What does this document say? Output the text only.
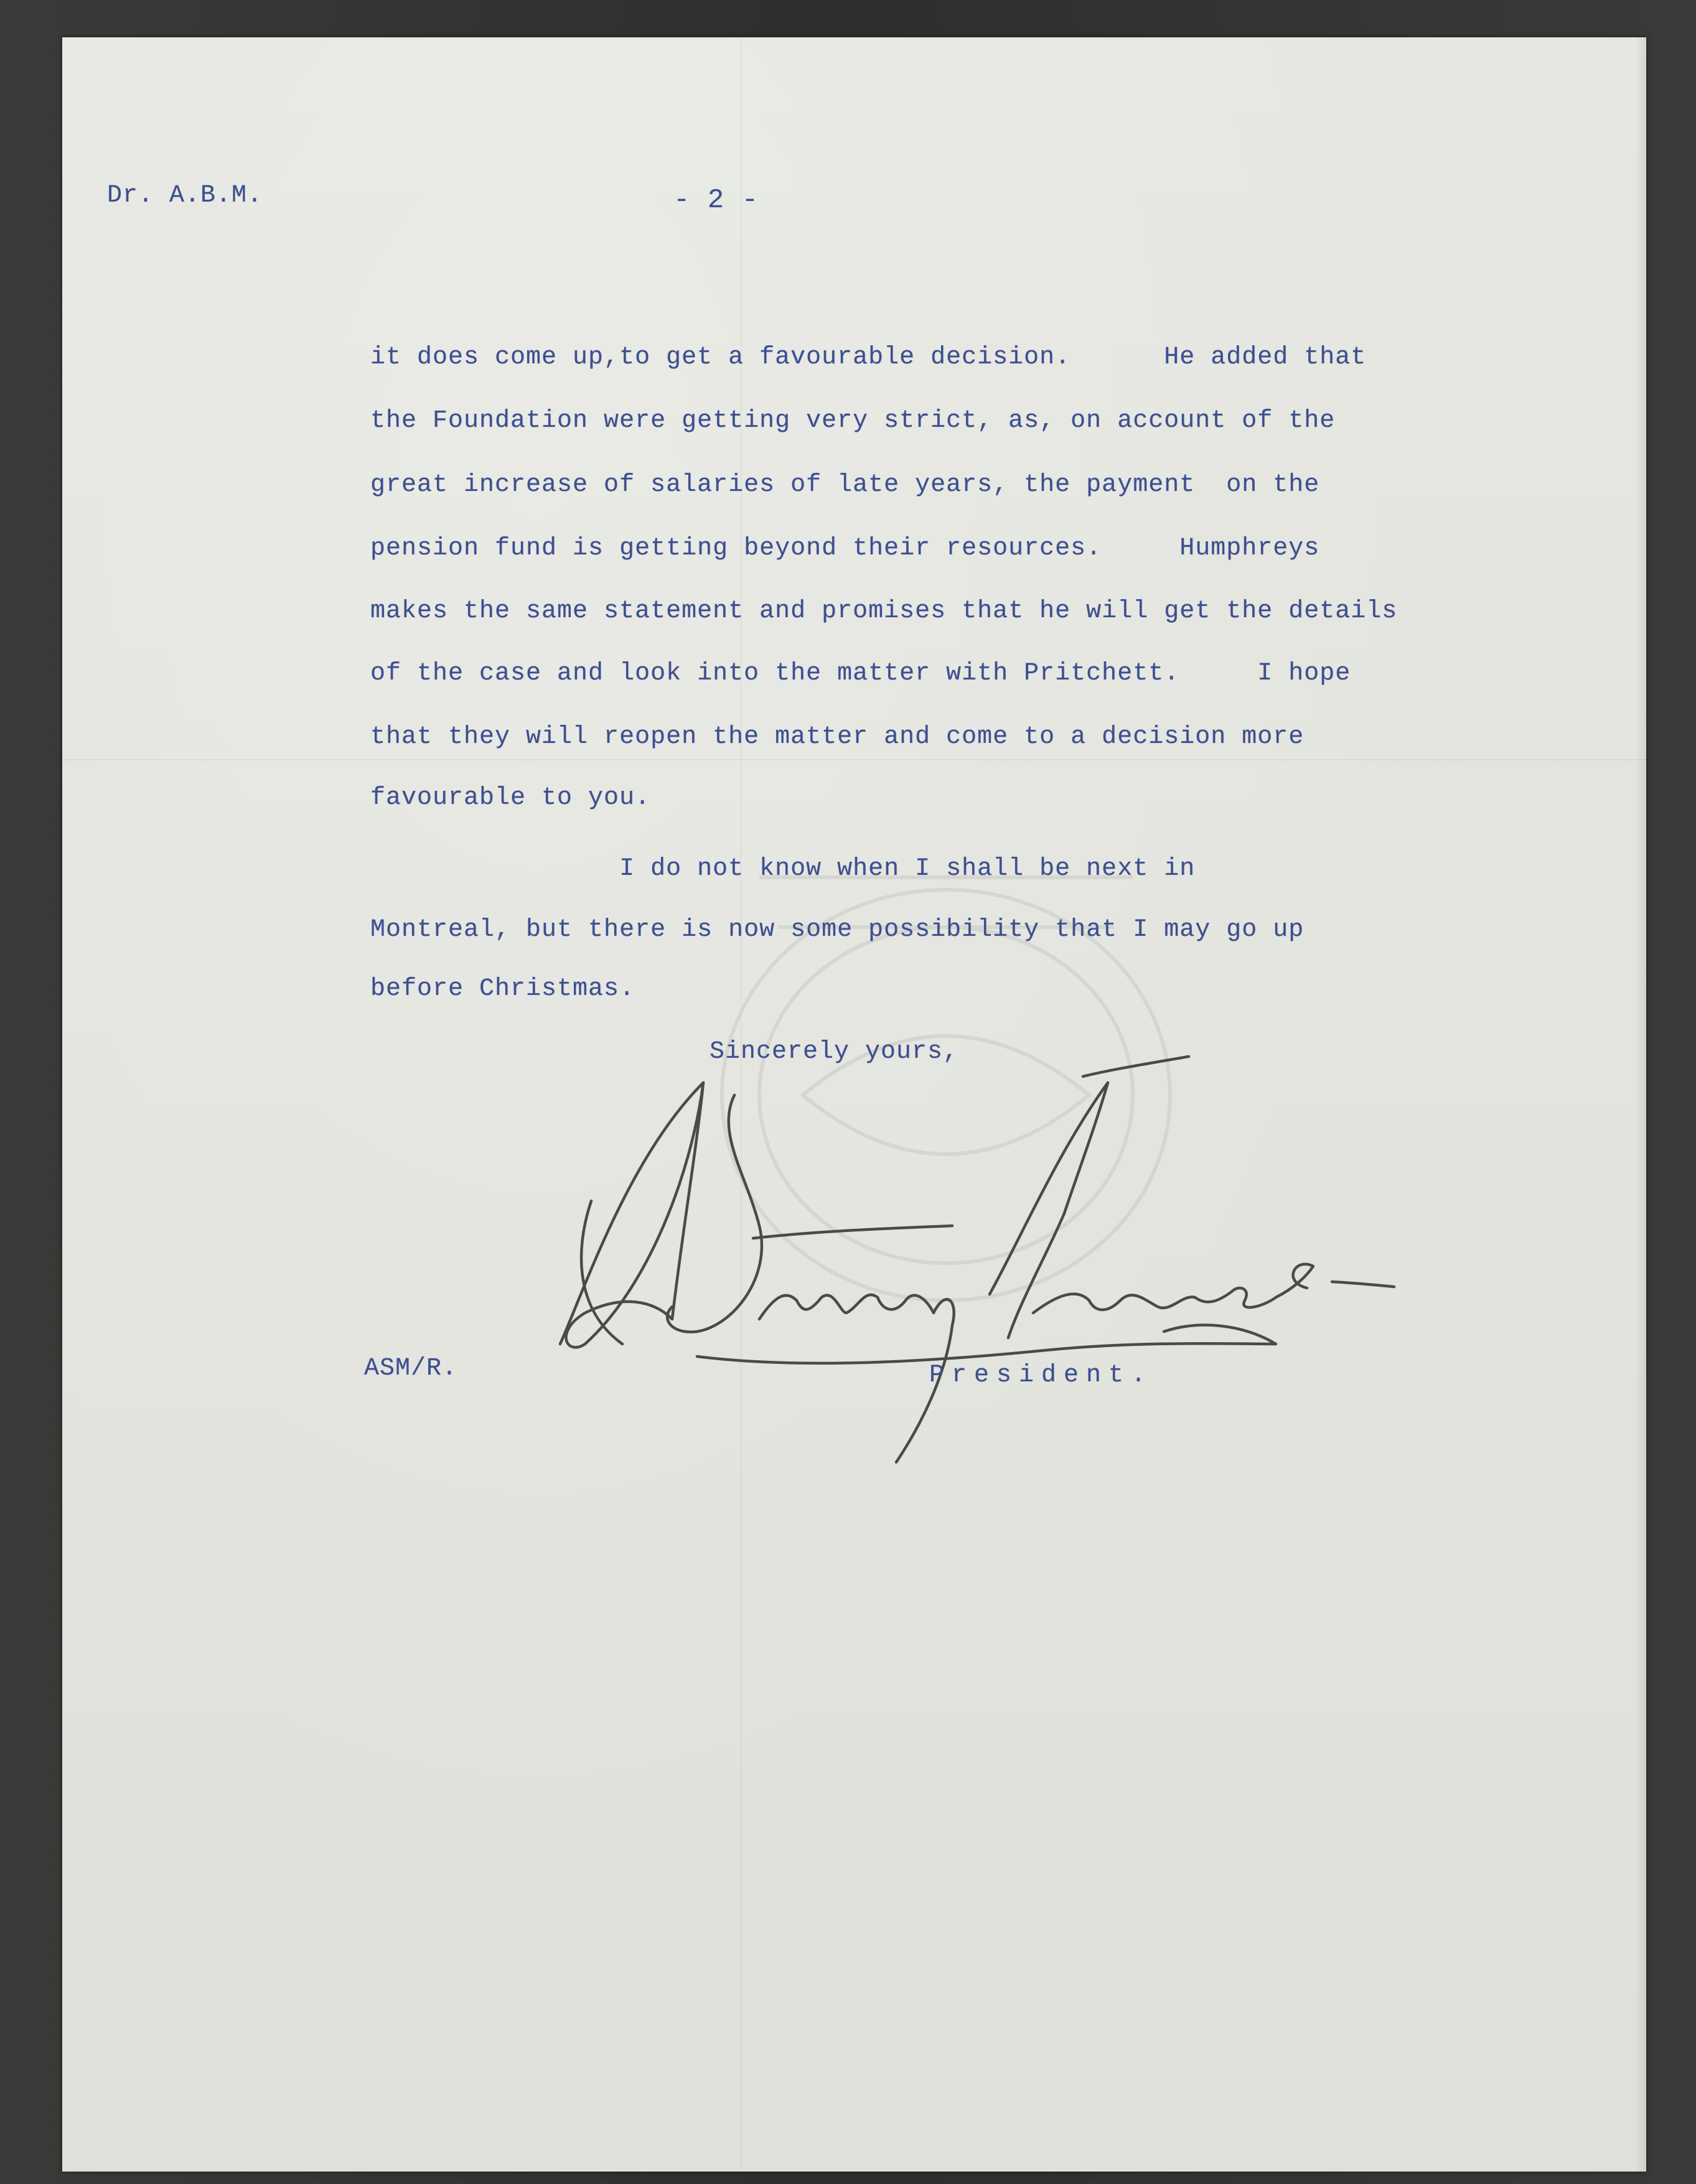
Dr. A.B.M.	- 2 -

it does come up,to get a favourable decision.      He added that

the Foundation were getting very strict, as, on account of the

great increase of salaries of late years, the payment  on the

pension fund is getting beyond their resources.     Humphreys

makes the same statement and promises that he will get the details

of the case and look into the matter with Pritchett.     I hope

that they will reopen the matter and come to a decision more

favourable to you.

I do not know when I shall be next in

Montreal, but there is now some possibility that I may go up

before Christmas.

Sincerely yours,

ASM/R.	President.
